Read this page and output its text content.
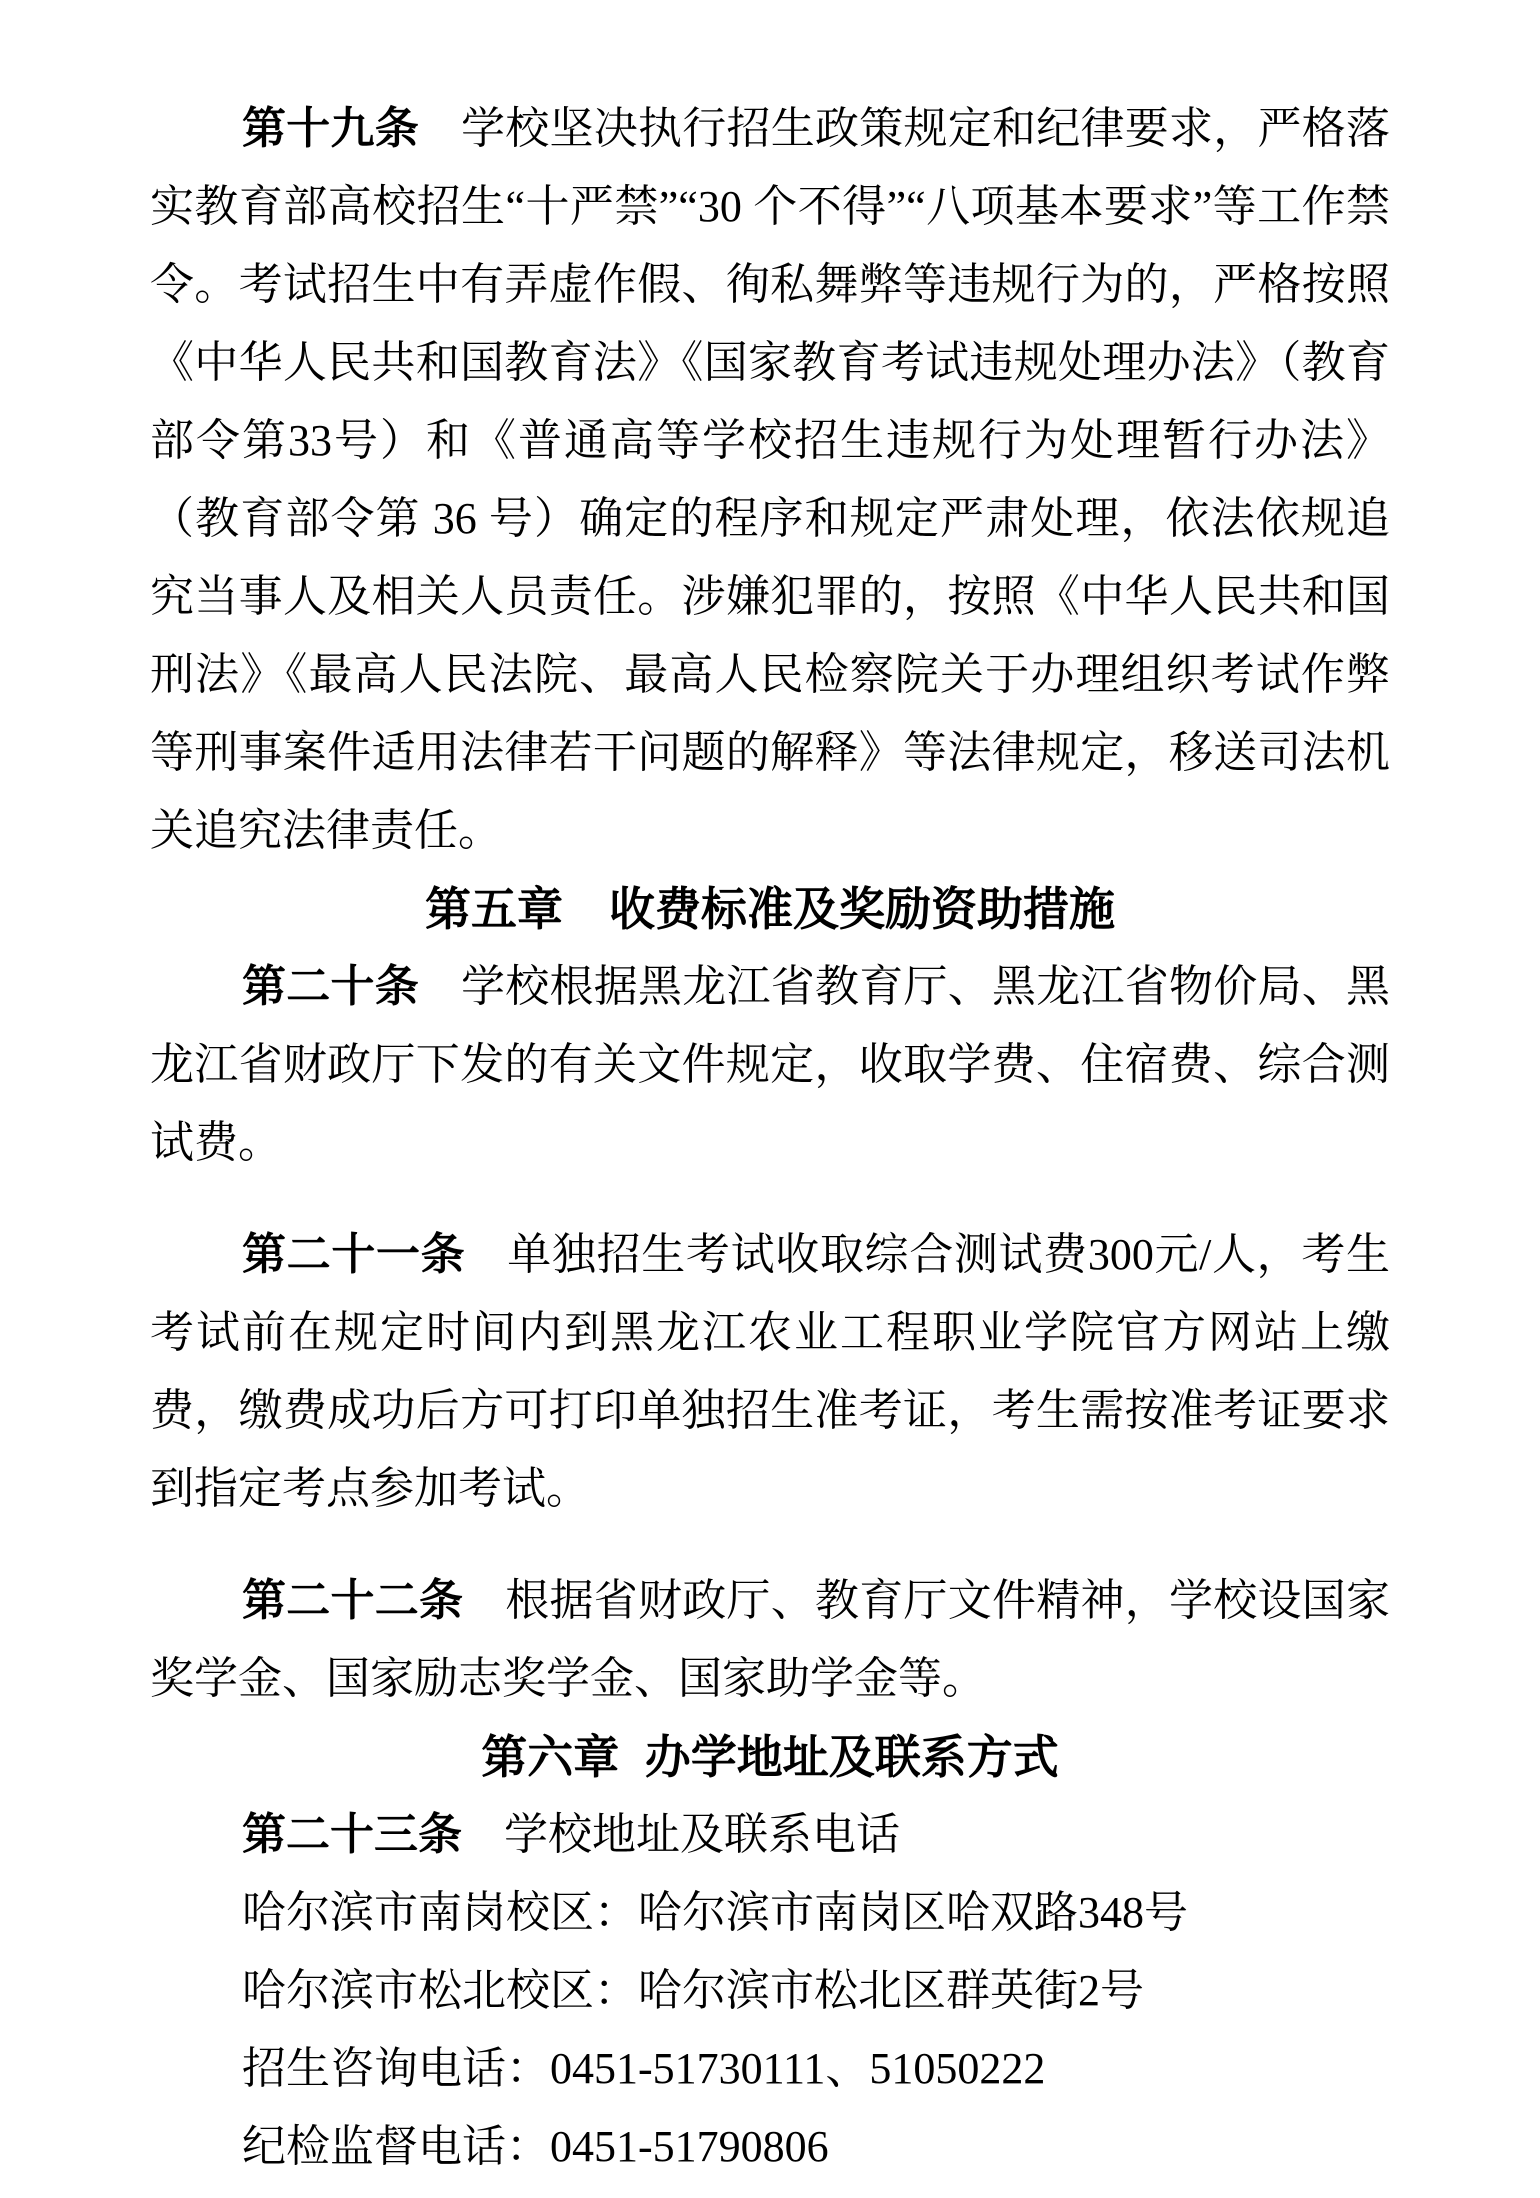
第十九条 学校坚决执行招生政策规定和纪律要求，严格落实教育部高校招生“十严禁”“30 个不得”“八项基本要求”等工作禁令。考试招生中有弄虚作假、徇私舞弊等违规行为的，严格按照《中华人民共和国教育法》《国家教育考试违规处理办法》（教育部令第33号）和《普通高等学校招生违规行为处理暂行办法》（教育部令第 36 号）确定的程序和规定严肃处理，依法依规追究当事人及相关人员责任。涉嫌犯罪的，按照《中华人民共和国刑法》《最高人民法院、最高人民检察院关于办理组织考试作弊等刑事案件适用法律若干问题的解释》等法律规定，移送司法机关追究法律责任。

第五章　收费标准及奖励资助措施

第二十条 学校根据黑龙江省教育厅、黑龙江省物价局、黑龙江省财政厅下发的有关文件规定，收取学费、住宿费、综合测试费。

第二十一条 单独招生考试收取综合测试费300元/人，考生考试前在规定时间内到黑龙江农业工程职业学院官方网站上缴费，缴费成功后方可打印单独招生准考证，考生需按准考证要求到指定考点参加考试。

第二十二条 根据省财政厅、教育厅文件精神，学校设国家奖学金、国家励志奖学金、国家助学金等。

第六章  办学地址及联系方式

第二十三条 学校地址及联系电话

哈尔滨市南岗校区：哈尔滨市南岗区哈双路348号

哈尔滨市松北校区：哈尔滨市松北区群英街2号

招生咨询电话：0451-51730111、51050222

纪检监督电话：0451-51790806
